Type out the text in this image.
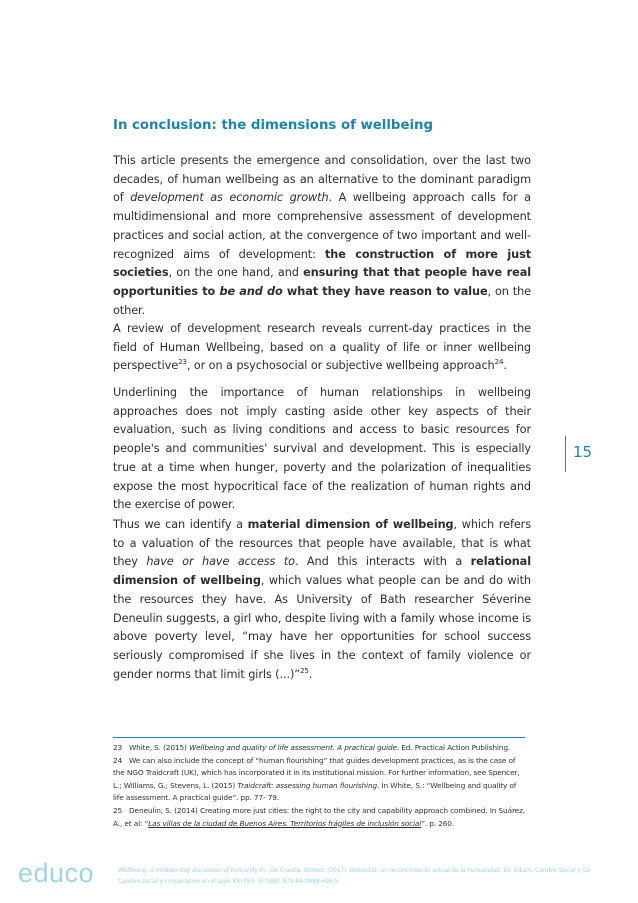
In conclusion: the dimensions of wellbeing

This article presents the emergence and consolidation, over the last two decades, of human wellbeing as an alternative to the dominant paradigm of development as economic growth. A wellbeing approach calls for a multidimensional and more comprehensive assessment of development practices and social action, at the convergence of two important and well-recognized aims of development: the construction of more just societies, on the one hand, and ensuring that that people have real opportunities to be and do what they have reason to value, on the other.

A review of development research reveals current-day practices in the field of Human Wellbeing, based on a quality of life or inner wellbeing perspective$^{23}$, or on a psychosocial or subjective wellbeing approach$^{24}$.

Underlining the importance of human relationships in wellbeing approaches does not imply casting aside other key aspects of their evaluation, such as living conditions and access to basic resources for people's and communities' survival and development. This is especially true at a time when hunger, poverty and the polarization of inequalities expose the most hypocritical face of the realization of human rights and the exercise of power.

Thus we can identify a material dimension of wellbeing, which refers to a valuation of the resources that people have available, that is what they have or have access to. And this interacts with a relational dimension of wellbeing, which values what people can be and do with the resources they have. As University of Bath researcher Séverine Deneulin suggests, a girl who, despite living with a family whose income is above poverty level, “may have her opportunities for school success seriously compromised if she lives in the context of family violence or gender norms that limit girls (...)”$^{25}$.

15

23 White, S. (2015) Wellbeing and quality of life assessment. A practical guide. Ed. Practical Action Publishing.

24 We can also include the concept of “human flourishing” that guides development practices, as is the case of the NGO Traidcraft (UK), which has incorporated it in its institutional mission. For further information, see Spencer, L.; Williams, G.; Stevens, L. (2015) Traidcraft: assessing human flourishing. In White, S.: “Wellbeing and quality of life assessment. A practical guide”. pp. 77- 79.

25 Deneulin, S. (2014) Creating more just cities: the right to the city and capability approach combined. In Suárez, A., et al: “Las villas de la ciudad de Buenos Aires. Territorios frágiles de inclusión social”. p. 260.

educo	Wellbeing: a modern-day discussion of humanity in : De Cuesta, Gómez, (2017). Bienestar, un reconcimiento actual de la humanidad. Ed. Educo. Cambio Social y Co

Cambio social y cooperación en el siglo XXI (Vol. 4) ISBN: 978-84-9888-695-5
